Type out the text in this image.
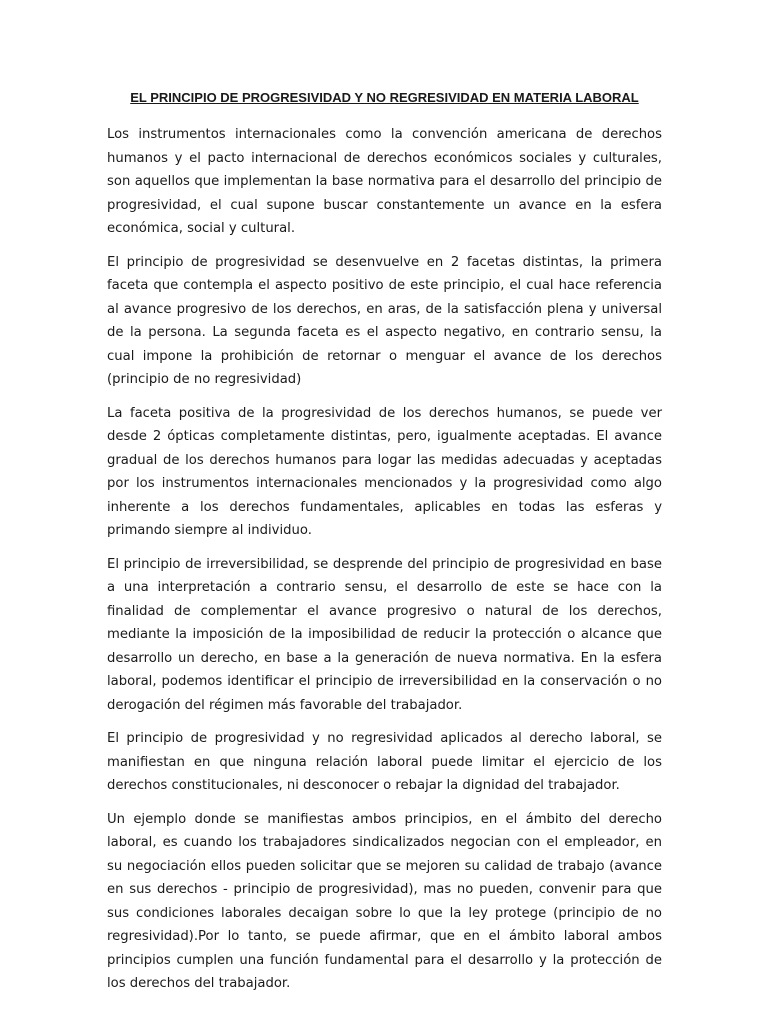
EL PRINCIPIO DE PROGRESIVIDAD Y NO REGRESIVIDAD EN MATERIA LABORAL

Los instrumentos internacionales como la convención americana de derechos humanos y el pacto internacional de derechos económicos sociales y culturales, son aquellos que implementan la base normativa para el desarrollo del principio de progresividad, el cual supone buscar constantemente un avance en la esfera económica, social y cultural.

El principio de progresividad se desenvuelve en 2 facetas distintas, la primera faceta que contempla el aspecto positivo de este principio, el cual hace referencia al avance progresivo de los derechos, en aras, de la satisfacción plena y universal de la persona. La segunda faceta es el aspecto negativo, en contrario sensu, la cual impone la prohibición de retornar o menguar el avance de los derechos (principio de no regresividad)

La faceta positiva de la progresividad de los derechos humanos, se puede ver desde 2 ópticas completamente distintas, pero, igualmente aceptadas. El avance gradual de los derechos humanos para logar las medidas adecuadas y aceptadas por los instrumentos internacionales mencionados y la progresividad como algo inherente a los derechos fundamentales, aplicables en todas las esferas y primando siempre al individuo.

El principio de irreversibilidad, se desprende del principio de progresividad en base a una interpretación a contrario sensu, el desarrollo de este se hace con la finalidad de complementar el avance progresivo o natural de los derechos, mediante la imposición de la imposibilidad de reducir la protección o alcance que desarrollo un derecho, en base a la generación de nueva normativa. En la esfera laboral, podemos identificar el principio de irreversibilidad en la conservación o no derogación del régimen más favorable del trabajador.

El principio de progresividad y no regresividad aplicados al derecho laboral, se manifiestan en que ninguna relación laboral puede limitar el ejercicio de los derechos constitucionales, ni desconocer o rebajar la dignidad del trabajador.

Un ejemplo donde se manifiestas ambos principios, en el ámbito del derecho laboral, es cuando los trabajadores sindicalizados negocian con el empleador, en su negociación ellos pueden solicitar que se mejoren su calidad de trabajo (avance en sus derechos - principio de progresividad), mas no pueden, convenir para que sus condiciones laborales decaigan sobre lo que la ley protege (principio de no regresividad).Por lo tanto, se puede afirmar, que en el ámbito laboral ambos principios cumplen una función fundamental para el desarrollo y la protección de los derechos del trabajador.
